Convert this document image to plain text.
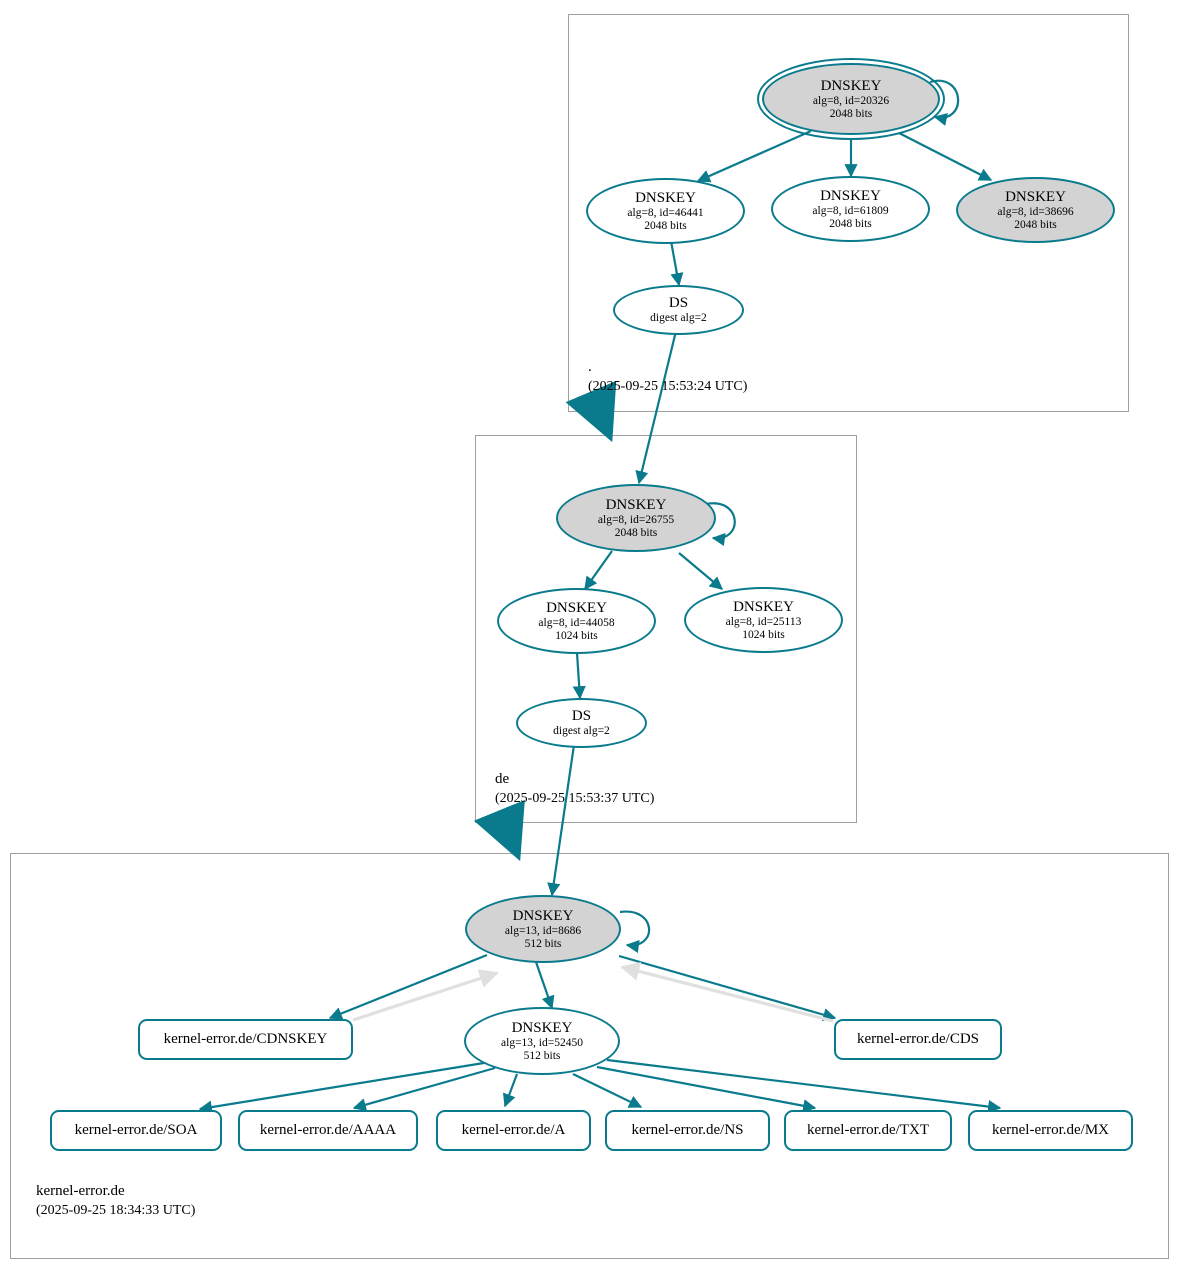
DNSKEY
alg=8, id=20326
2048 bits
DNSKEY
alg=8, id=46441
2048 bits
DNSKEY
alg=8, id=61809
2048 bits
DNSKEY
alg=8, id=38696
2048 bits
DS
digest alg=2
.
(2025-09-25 15:53:24 UTC)
DNSKEY
alg=8, id=26755
2048 bits
DNSKEY
alg=8, id=44058
1024 bits
DNSKEY
alg=8, id=25113
1024 bits
DS
digest alg=2
de
(2025-09-25 15:53:37 UTC)
DNSKEY
alg=13, id=8686
512 bits
DNSKEY
alg=13, id=52450
512 bits
kernel-error.de/CDNSKEY	kernel-error.de/CDS
kernel-error.de/SOA	kernel-error.de/AAAA	kernel-error.de/A	kernel-error.de/NS	kernel-error.de/TXT	kernel-error.de/MX
kernel-error.de
(2025-09-25 18:34:33 UTC)
